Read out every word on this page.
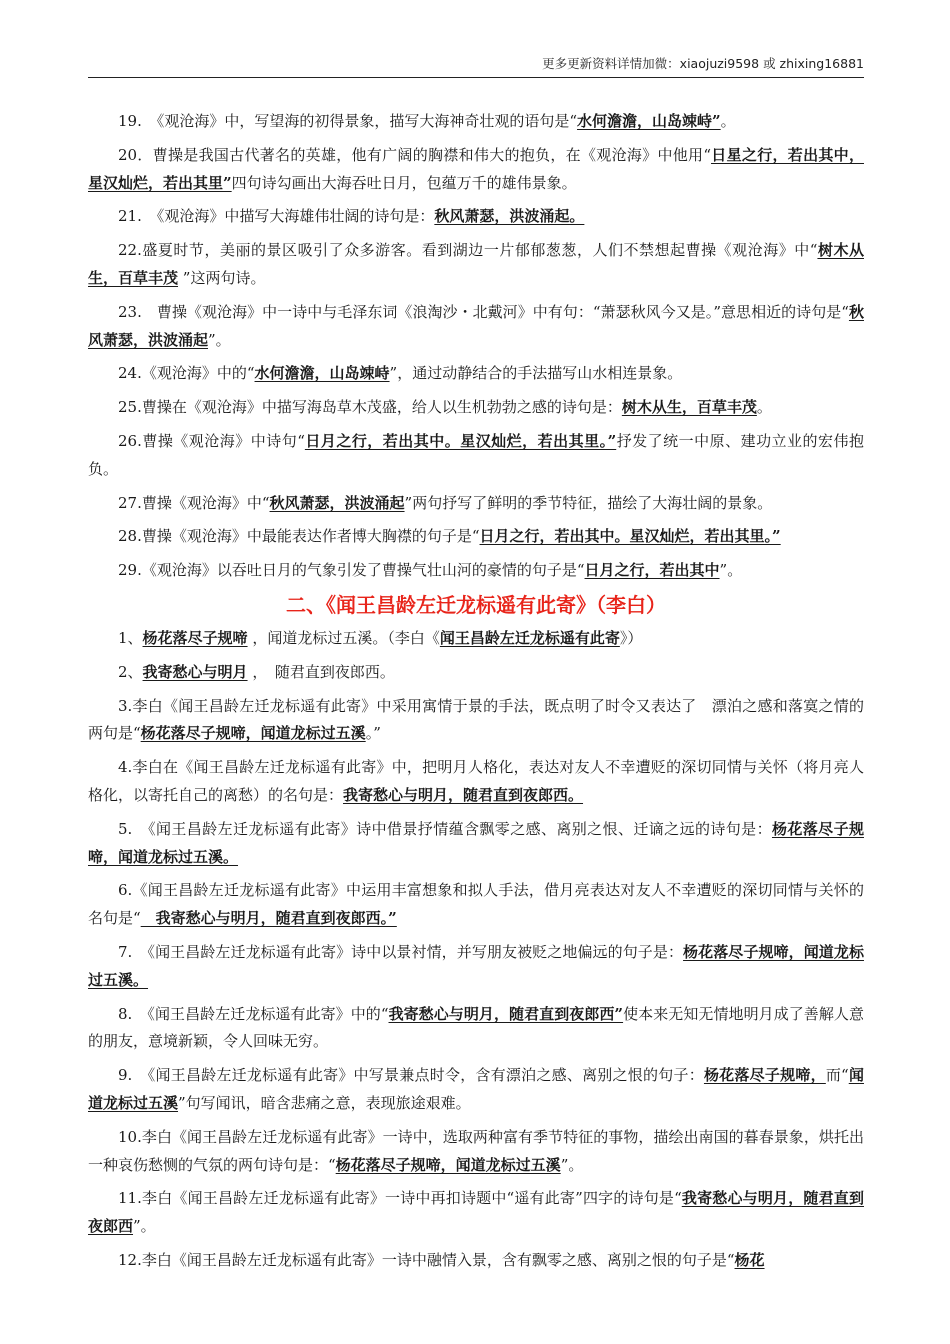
更多更新资料详情加微：xiaojuzi9598 或 zhixing16881

19.　《观沧海》中，写望海的初得景象，描写大海神奇壮观的语句是“水何澹澹，山岛竦峙”。

20．曹操是我国古代著名的英雄，他有广阔的胸襟和伟大的抱负，在《观沧海》中他用“日星之行，若出其中，星汉灿烂，若出其里”四句诗勾画出大海吞吐日月，包蕴万千的雄伟景象。

21.　《观沧海》中描写大海雄伟壮阔的诗句是：秋风萧瑟，洪波涌起。

22.盛夏时节，美丽的景区吸引了众多游客。看到湖边一片郁郁葱葱，人们不禁想起曹操《观沧海》中“树木从生，百草丰茂 ”这两句诗。

23.　曹操《观沧海》中一诗中与毛泽东词《浪淘沙・北戴河》中有句：“萧瑟秋风今又是。”意思相近的诗句是“秋风萧瑟，洪波涌起”。

24.《观沧海》中的“水何澹澹，山岛竦峙”，通过动静结合的手法描写山水相连景象。

25.曹操在《观沧海》中描写海岛草木茂盛，给人以生机勃勃之感的诗句是：树木从生，百草丰茂。

26.曹操《观沧海》中诗句“日月之行，若出其中。星汉灿烂，若出其里。”抒发了统一中原、建功立业的宏伟抱负。

27.曹操《观沧海》中“秋风萧瑟，洪波涌起”两句抒写了鲜明的季节特征，描绘了大海壮阔的景象。

28.曹操《观沧海》中最能表达作者博大胸襟的句子是“日月之行，若出其中。星汉灿烂，若出其里。”

29.《观沧海》以吞吐日月的气象引发了曹操气壮山河的豪情的句子是“日月之行，若出其中”。

二、《闻王昌龄左迁龙标遥有此寄》（李白）

1、杨花落尽子规啼 ，闻道龙标过五溪。（李白《闻王昌龄左迁龙标遥有此寄》）

2、我寄愁心与明月 ，　随君直到夜郎西。

3.李白《闻王昌龄左迁龙标遥有此寄》中采用寓情于景的手法，既点明了时令又表达了　漂泊之感和落寞之情的两句是“杨花落尽子规啼，闻道龙标过五溪。”

4.李白在《闻王昌龄左迁龙标遥有此寄》中，把明月人格化，表达对友人不幸遭贬的深切同情与关怀（将月亮人格化，以寄托自己的离愁）的名句是：我寄愁心与明月，随君直到夜郎西。

5.　《闻王昌龄左迁龙标遥有此寄》诗中借景抒情蕴含飘零之感、离别之恨、迁谪之远的诗句是：杨花落尽子规啼，闻道龙标过五溪。

6.《闻王昌龄左迁龙标遥有此寄》中运用丰富想象和拟人手法，借月亮表达对友人不幸遭贬的深切同情与关怀的名句是“　我寄愁心与明月，随君直到夜郎西。”

7.　《闻王昌龄左迁龙标遥有此寄》诗中以景衬情，并写朋友被贬之地偏远的句子是：杨花落尽子规啼，闻道龙标过五溪。

8.　《闻王昌龄左迁龙标遥有此寄》中的“我寄愁心与明月，随君直到夜郎西”使本来无知无情地明月成了善解人意的朋友，意境新颖，令人回味无穷。

9.　《闻王昌龄左迁龙标遥有此寄》中写景兼点时令，含有漂泊之感、离别之恨的句子：杨花落尽子规啼，而“闻道龙标过五溪”句写闻讯，暗含悲痛之意，表现旅途艰难。

10.李白《闻王昌龄左迁龙标遥有此寄》一诗中，选取两种富有季节特征的事物，描绘出南国的暮春景象，烘托出一种哀伤愁恻的气氛的两句诗句是：“杨花落尽子规啼，闻道龙标过五溪”。

11.李白《闻王昌龄左迁龙标遥有此寄》一诗中再扣诗题中“遥有此寄”四字的诗句是“我寄愁心与明月，随君直到夜郎西”。

12.李白《闻王昌龄左迁龙标遥有此寄》一诗中融情入景，含有飘零之感、离别之恨的句子是“杨花
